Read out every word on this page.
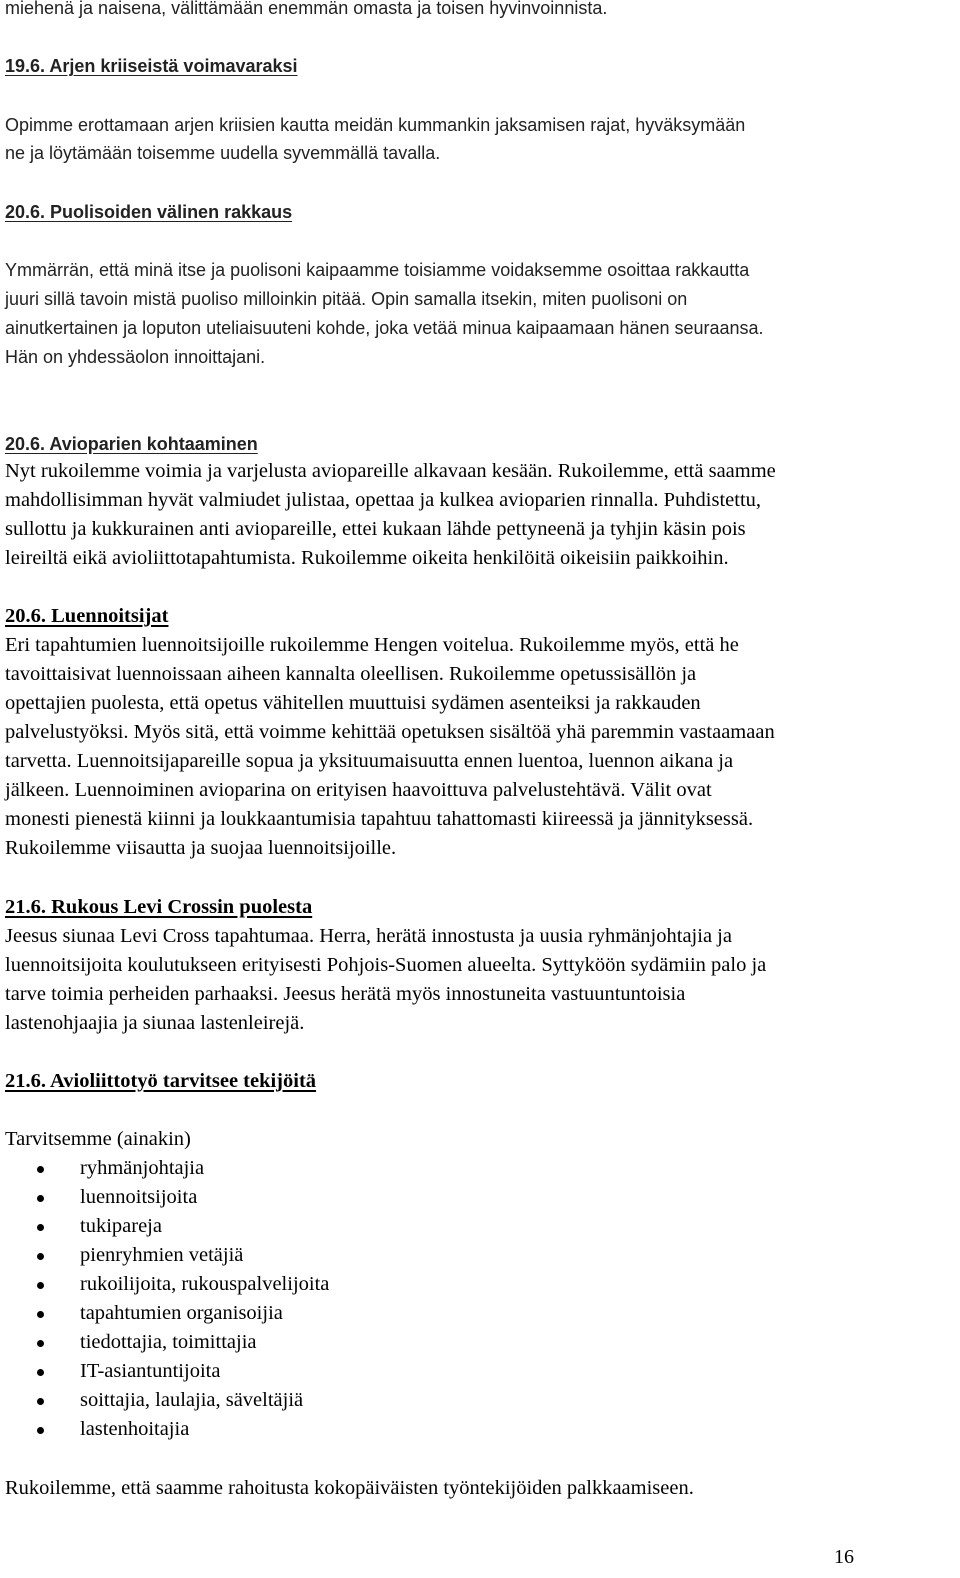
miehenä ja naisena, välittämään enemmän omasta ja toisen hyvinvoinnista.
19.6. Arjen kriiseistä voimavaraksi
Opimme erottamaan arjen kriisien kautta meidän kummankin jaksamisen rajat, hyväksymään
ne ja löytämään toisemme uudella syvemmällä tavalla.
20.6. Puolisoiden välinen rakkaus
Ymmärrän, että minä itse ja puolisoni kaipaamme toisiamme voidaksemme osoittaa rakkautta
juuri sillä tavoin mistä puoliso milloinkin pitää. Opin samalla itsekin, miten puolisoni on
ainutkertainen ja loputon uteliaisuuteni kohde, joka vetää minua kaipaamaan hänen seuraansa.
Hän on yhdessäolon innoittajani.
20.6. Avioparien kohtaaminen
Nyt rukoilemme voimia ja varjelusta aviopareille alkavaan kesään. Rukoilemme, että saamme
mahdollisimman hyvät valmiudet julistaa, opettaa ja kulkea avioparien rinnalla. Puhdistettu,
sullottu ja kukkurainen anti aviopareille, ettei kukaan lähde pettyneenä ja tyhjin käsin pois
leireiltä eikä avioliittotapahtumista. Rukoilemme oikeita henkilöitä oikeisiin paikkoihin.
20.6. Luennoitsijat
Eri tapahtumien luennoitsijoille rukoilemme Hengen voitelua. Rukoilemme myös, että he
tavoittaisivat luennoissaan aiheen kannalta oleellisen. Rukoilemme opetussisällön ja
opettajien puolesta, että opetus vähitellen muuttuisi sydämen asenteiksi ja rakkauden
palvelustyöksi. Myös sitä, että voimme kehittää opetuksen sisältöä yhä paremmin vastaamaan
tarvetta. Luennoitsijapareille sopua ja yksituumaisuutta ennen luentoa, luennon aikana ja
jälkeen. Luennoiminen avioparina on erityisen haavoittuva palvelustehtävä. Välit ovat
monesti pienestä kiinni ja loukkaantumisia tapahtuu tahattomasti kiireessä ja jännityksessä.
Rukoilemme viisautta ja suojaa luennoitsijoille.
21.6. Rukous Levi Crossin puolesta
Jeesus siunaa Levi Cross tapahtumaa. Herra, herätä innostusta ja uusia ryhmänjohtajia ja
luennoitsijoita koulutukseen erityisesti Pohjois-Suomen alueelta. Syttyköön sydämiin palo ja
tarve toimia perheiden parhaaksi. Jeesus herätä myös innostuneita vastuuntuntoisia
lastenohjaajia ja siunaa lastenleirejä.
21.6. Avioliittotyö tarvitsee tekijöitä
Tarvitsemme (ainakin)
ryhmänjohtajia
luennoitsijoita
tukipareja
pienryhmien vetäjiä
rukoilijoita, rukouspalvelijoita
tapahtumien organisoijia
tiedottajia, toimittajia
IT-asiantuntijoita
soittajia, laulajia, säveltäjiä
lastenhoitajia
Rukoilemme, että saamme rahoitusta kokopäiväisten työntekijöiden palkkaamiseen.
16
